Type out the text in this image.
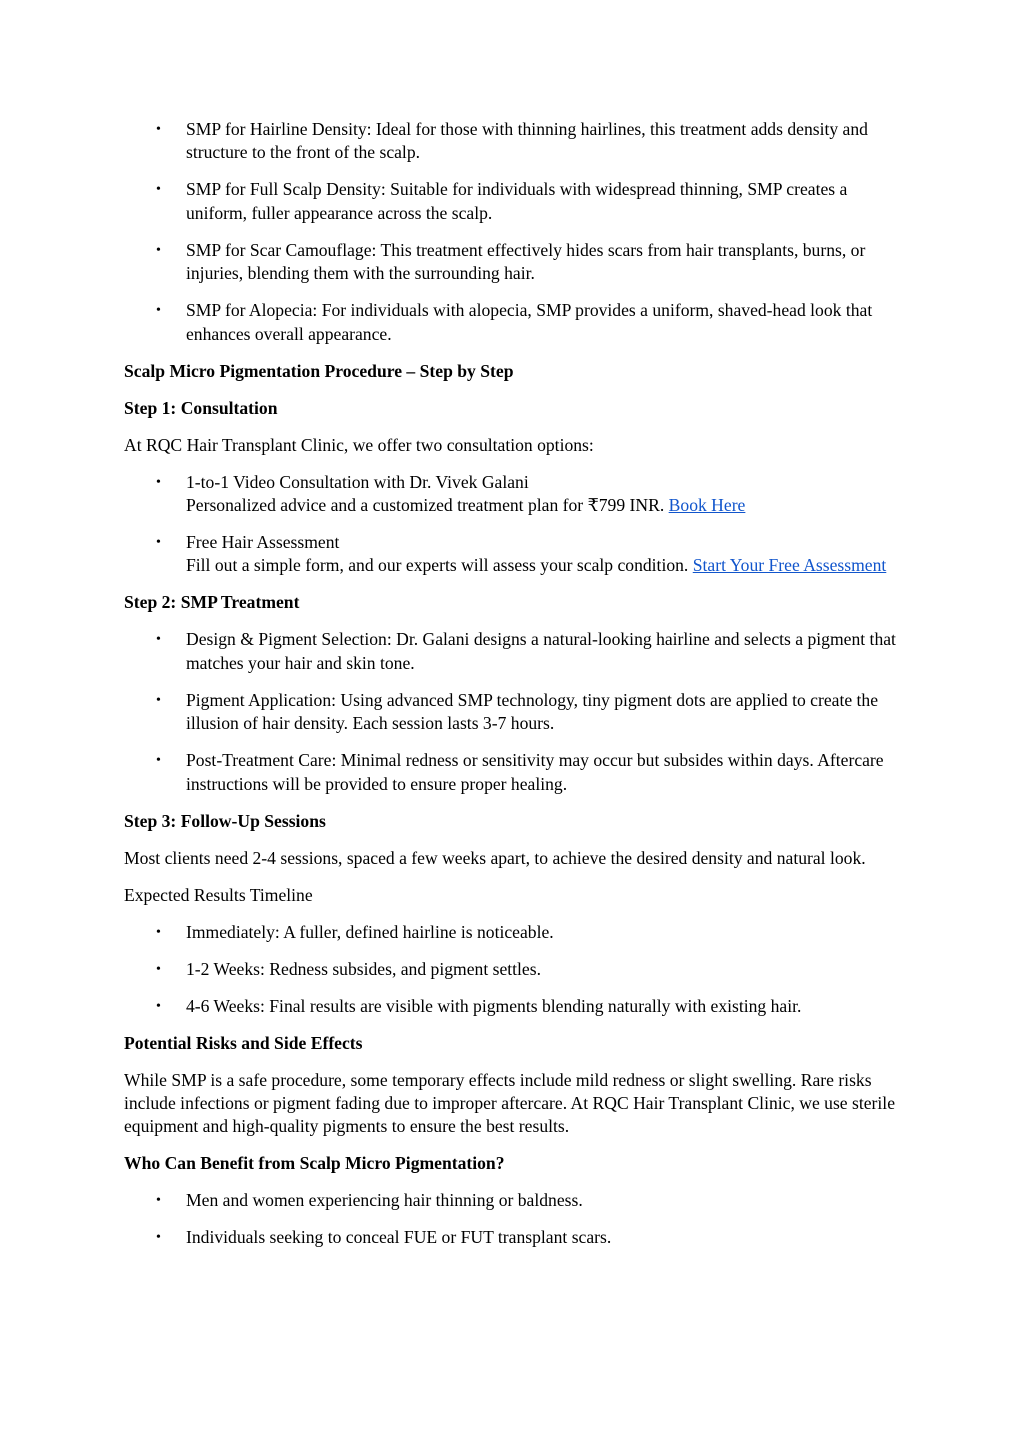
• SMP for Hairline Density: Ideal for those with thinning hairlines, this treatment adds density and structure to the front of the scalp.
• SMP for Full Scalp Density: Suitable for individuals with widespread thinning, SMP creates a uniform, fuller appearance across the scalp.
• SMP for Scar Camouflage: This treatment effectively hides scars from hair transplants, burns, or injuries, blending them with the surrounding hair.
• SMP for Alopecia: For individuals with alopecia, SMP provides a uniform, shaved-head look that enhances overall appearance.

Scalp Micro Pigmentation Procedure – Step by Step

Step 1: Consultation

At RQC Hair Transplant Clinic, we offer two consultation options:

• 1-to-1 Video Consultation with Dr. Vivek Galani
Personalized advice and a customized treatment plan for ₹799 INR. Book Here
• Free Hair Assessment
Fill out a simple form, and our experts will assess your scalp condition. Start Your Free Assessment

Step 2: SMP Treatment

• Design & Pigment Selection: Dr. Galani designs a natural-looking hairline and selects a pigment that matches your hair and skin tone.
• Pigment Application: Using advanced SMP technology, tiny pigment dots are applied to create the illusion of hair density. Each session lasts 3-7 hours.
• Post-Treatment Care: Minimal redness or sensitivity may occur but subsides within days. Aftercare instructions will be provided to ensure proper healing.

Step 3: Follow-Up Sessions

Most clients need 2-4 sessions, spaced a few weeks apart, to achieve the desired density and natural look.

Expected Results Timeline

• Immediately: A fuller, defined hairline is noticeable.
• 1-2 Weeks: Redness subsides, and pigment settles.
• 4-6 Weeks: Final results are visible with pigments blending naturally with existing hair.

Potential Risks and Side Effects

While SMP is a safe procedure, some temporary effects include mild redness or slight swelling. Rare risks include infections or pigment fading due to improper aftercare. At RQC Hair Transplant Clinic, we use sterile equipment and high-quality pigments to ensure the best results.

Who Can Benefit from Scalp Micro Pigmentation?

• Men and women experiencing hair thinning or baldness.
• Individuals seeking to conceal FUE or FUT transplant scars.
